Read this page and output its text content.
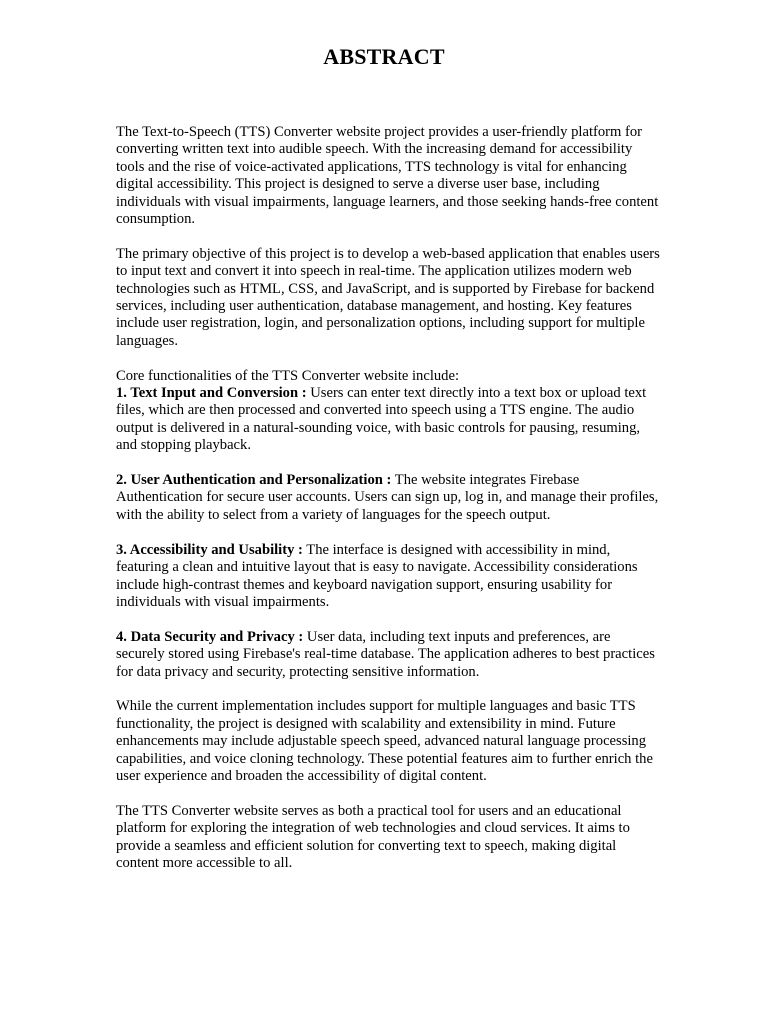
ABSTRACT

The Text-to-Speech (TTS) Converter website project provides a user-friendly platform for converting written text into audible speech. With the increasing demand for accessibility tools and the rise of voice-activated applications, TTS technology is vital for enhancing digital accessibility. This project is designed to serve a diverse user base, including individuals with visual impairments, language learners, and those seeking hands-free content consumption.

The primary objective of this project is to develop a web-based application that enables users to input text and convert it into speech in real-time. The application utilizes modern web technologies such as HTML, CSS, and JavaScript, and is supported by Firebase for backend services, including user authentication, database management, and hosting. Key features include user registration, login, and personalization options, including support for multiple languages.

Core functionalities of the TTS Converter website include:

1. Text Input and Conversion : Users can enter text directly into a text box or upload text files, which are then processed and converted into speech using a TTS engine. The audio output is delivered in a natural-sounding voice, with basic controls for pausing, resuming, and stopping playback.

2. User Authentication and Personalization : The website integrates Firebase Authentication for secure user accounts. Users can sign up, log in, and manage their profiles, with the ability to select from a variety of languages for the speech output.

3. Accessibility and Usability : The interface is designed with accessibility in mind, featuring a clean and intuitive layout that is easy to navigate. Accessibility considerations include high-contrast themes and keyboard navigation support, ensuring usability for individuals with visual impairments.

4. Data Security and Privacy : User data, including text inputs and preferences, are securely stored using Firebase's real-time database. The application adheres to best practices for data privacy and security, protecting sensitive information.

While the current implementation includes support for multiple languages and basic TTS functionality, the project is designed with scalability and extensibility in mind. Future enhancements may include adjustable speech speed, advanced natural language processing capabilities, and voice cloning technology. These potential features aim to further enrich the user experience and broaden the accessibility of digital content.

The TTS Converter website serves as both a practical tool for users and an educational platform for exploring the integration of web technologies and cloud services. It aims to provide a seamless and efficient solution for converting text to speech, making digital content more accessible to all.
